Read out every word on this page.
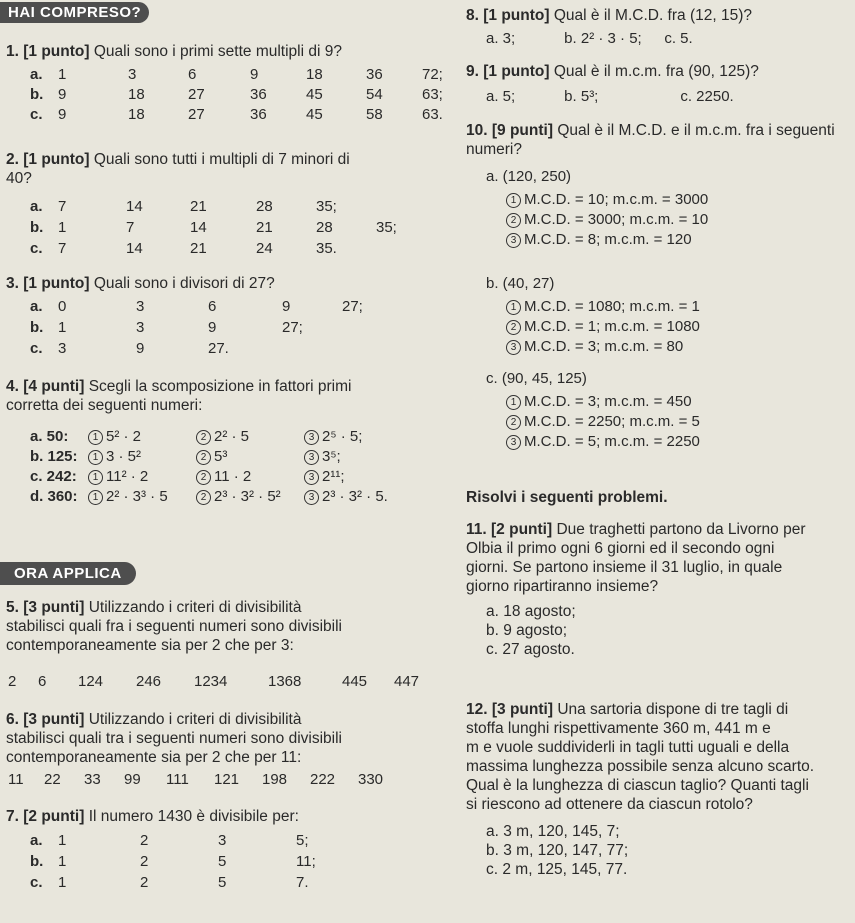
HAI COMPRESO?
1. [1 punto] Quali sono i primi sette multipli di 9?
a. 1	3	6	9	18	36	72;
b. 9	18	27	36	45	54	63;
c. 9	18	27	36	45	58	63.
2. [1 punto] Quali sono tutti i multipli di 7 minori di
40?
a. 7	14	21	28	35;
b. 1	7	14	21	28	35;
c. 7	14	21	24	35.
3. [1 punto] Quali sono i divisori di 27?
a. 0	3	6	9	27;
b. 1	3	9	27;
c. 3	9	27.
4. [4 punti] Scegli la scomposizione in fattori primi
corretta dei seguenti numeri:
a. 50: 1 5² · 2	2 2² · 5	3 2⁵ · 5;
b. 125: 1 3 · 5²	2 5³	3 3⁵;
c. 242: 1 11² · 2	2 11 · 2	3 2¹¹;
d. 360: 1 2² · 3³ · 5	2 2³ · 3² · 5²	3 2³ · 3² · 5.
ORA APPLICA
5. [3 punti] Utilizzando i criteri di divisibilità
stabilisci quali fra i seguenti numeri sono divisibili
contemporaneamente sia per 2 che per 3:
2 6 124 246 1234	1368	445 447
6. [3 punti] Utilizzando i criteri di divisibilità
stabilisci quali tra i seguenti numeri sono divisibili
contemporaneamente sia per 2 che per 11:
11 22 33 99 111 121 198 222 330
7. [2 punti] Il numero 1430 è divisibile per:
a. 1	2	3	5;
b. 1	2	5	11;
c. 1	2	5	7.
8. [1 punto] Qual è il M.C.D. fra (12, 15)?
a. 3;	b. 2² · 3 · 5; c. 5.
9. [1 punto] Qual è il m.c.m. fra (90, 125)?
a. 5;	b. 5³;	c. 2250.
10. [9 punti] Qual è il M.C.D. e il m.c.m. fra i seguenti
numeri?
a. (120, 250)
1 M.C.D. = 10; m.c.m. = 3000
2 M.C.D. = 3000; m.c.m. = 10
3 M.C.D. = 8; m.c.m. = 120
b. (40, 27)
1 M.C.D. = 1080; m.c.m. = 1
2 M.C.D. = 1; m.c.m. = 1080
3 M.C.D. = 3; m.c.m. = 80
c. (90, 45, 125)
1 M.C.D. = 3; m.c.m. = 450
2 M.C.D. = 2250; m.c.m. = 5
3 M.C.D. = 5; m.c.m. = 2250
Risolvi i seguenti problemi.
11. [2 punti] Due traghetti partono da Livorno per
Olbia il primo ogni 6 giorni ed il secondo ogni
giorni. Se partono insieme il 31 luglio, in quale
giorno ripartiranno insieme?
a. 18 agosto;
b. 9 agosto;
c. 27 agosto.
12. [3 punti] Una sartoria dispone di tre tagli di
stoffa lunghi rispettivamente 360 m, 441 m e
m e vuole suddividerli in tagli tutti uguali e della
massima lunghezza possibile senza alcuno scarto.
Qual è la lunghezza di ciascun taglio? Quanti tagli
si riescono ad ottenere da ciascun rotolo?
a. 3 m, 120, 145, 7;
b. 3 m, 120, 147, 77;
c. 2 m, 125, 145, 77.
